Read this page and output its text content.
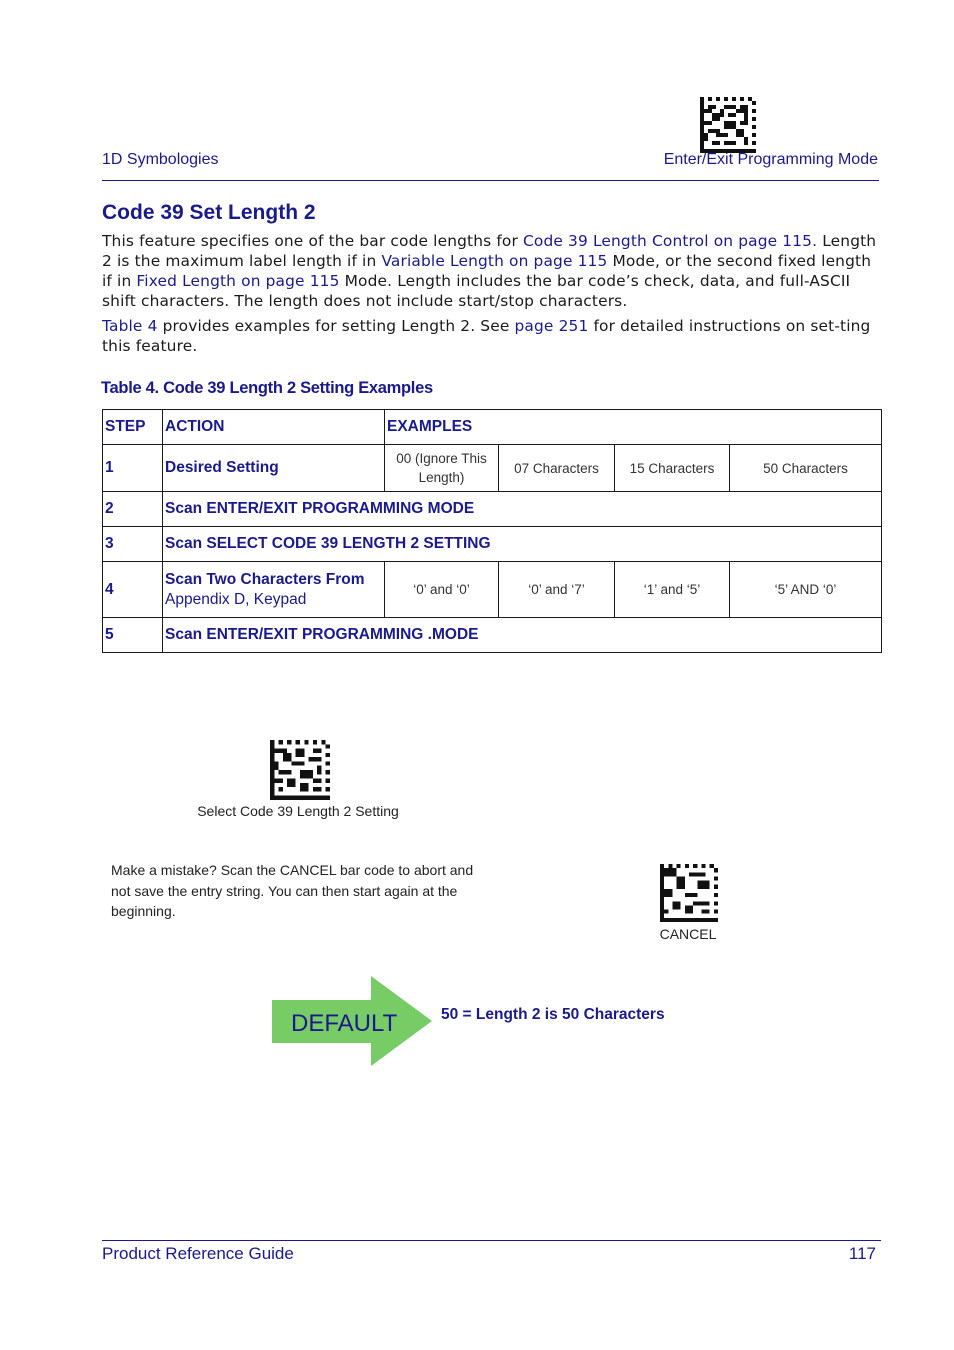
1D Symbologies	Enter/Exit Programming Mode
Code 39 Set Length 2
This feature specifies one of the bar code lengths for Code 39 Length Control on page 115. Length 2 is the maximum label length if in Variable Length on page 115 Mode, or the second fixed length if in Fixed Length on page 115 Mode. Length includes the bar code’s check, data, and full-ASCII shift characters. The length does not include start/stop characters.
Table 4 provides examples for setting Length 2. See page 251 for detailed instructions on set-ting this feature.
Table 4. Code 39 Length 2 Setting Examples
STEP	ACTION	EXAMPLES			
1	Desired Setting	00 (Ignore This Length)	07 Characters	15 Characters	50 Characters
2	Scan ENTER/EXIT PROGRAMMING MODE				
3	Scan SELECT CODE 39 LENGTH 2 SETTING				
4	Scan Two Characters From
Appendix D, Keypad	‘0’ and ‘0’	‘0’ and ‘7’	‘1’ and ‘5’	‘5’ AND ‘0’
5	Scan ENTER/EXIT PROGRAMMING .MODE				
Select Code 39 Length 2 Setting
Make a mistake? Scan the CANCEL bar code to abort and not save the entry string. You can then start again at the beginning.
CANCEL
DEFAULT	50 = Length 2 is 50 Characters
Product Reference Guide	117
